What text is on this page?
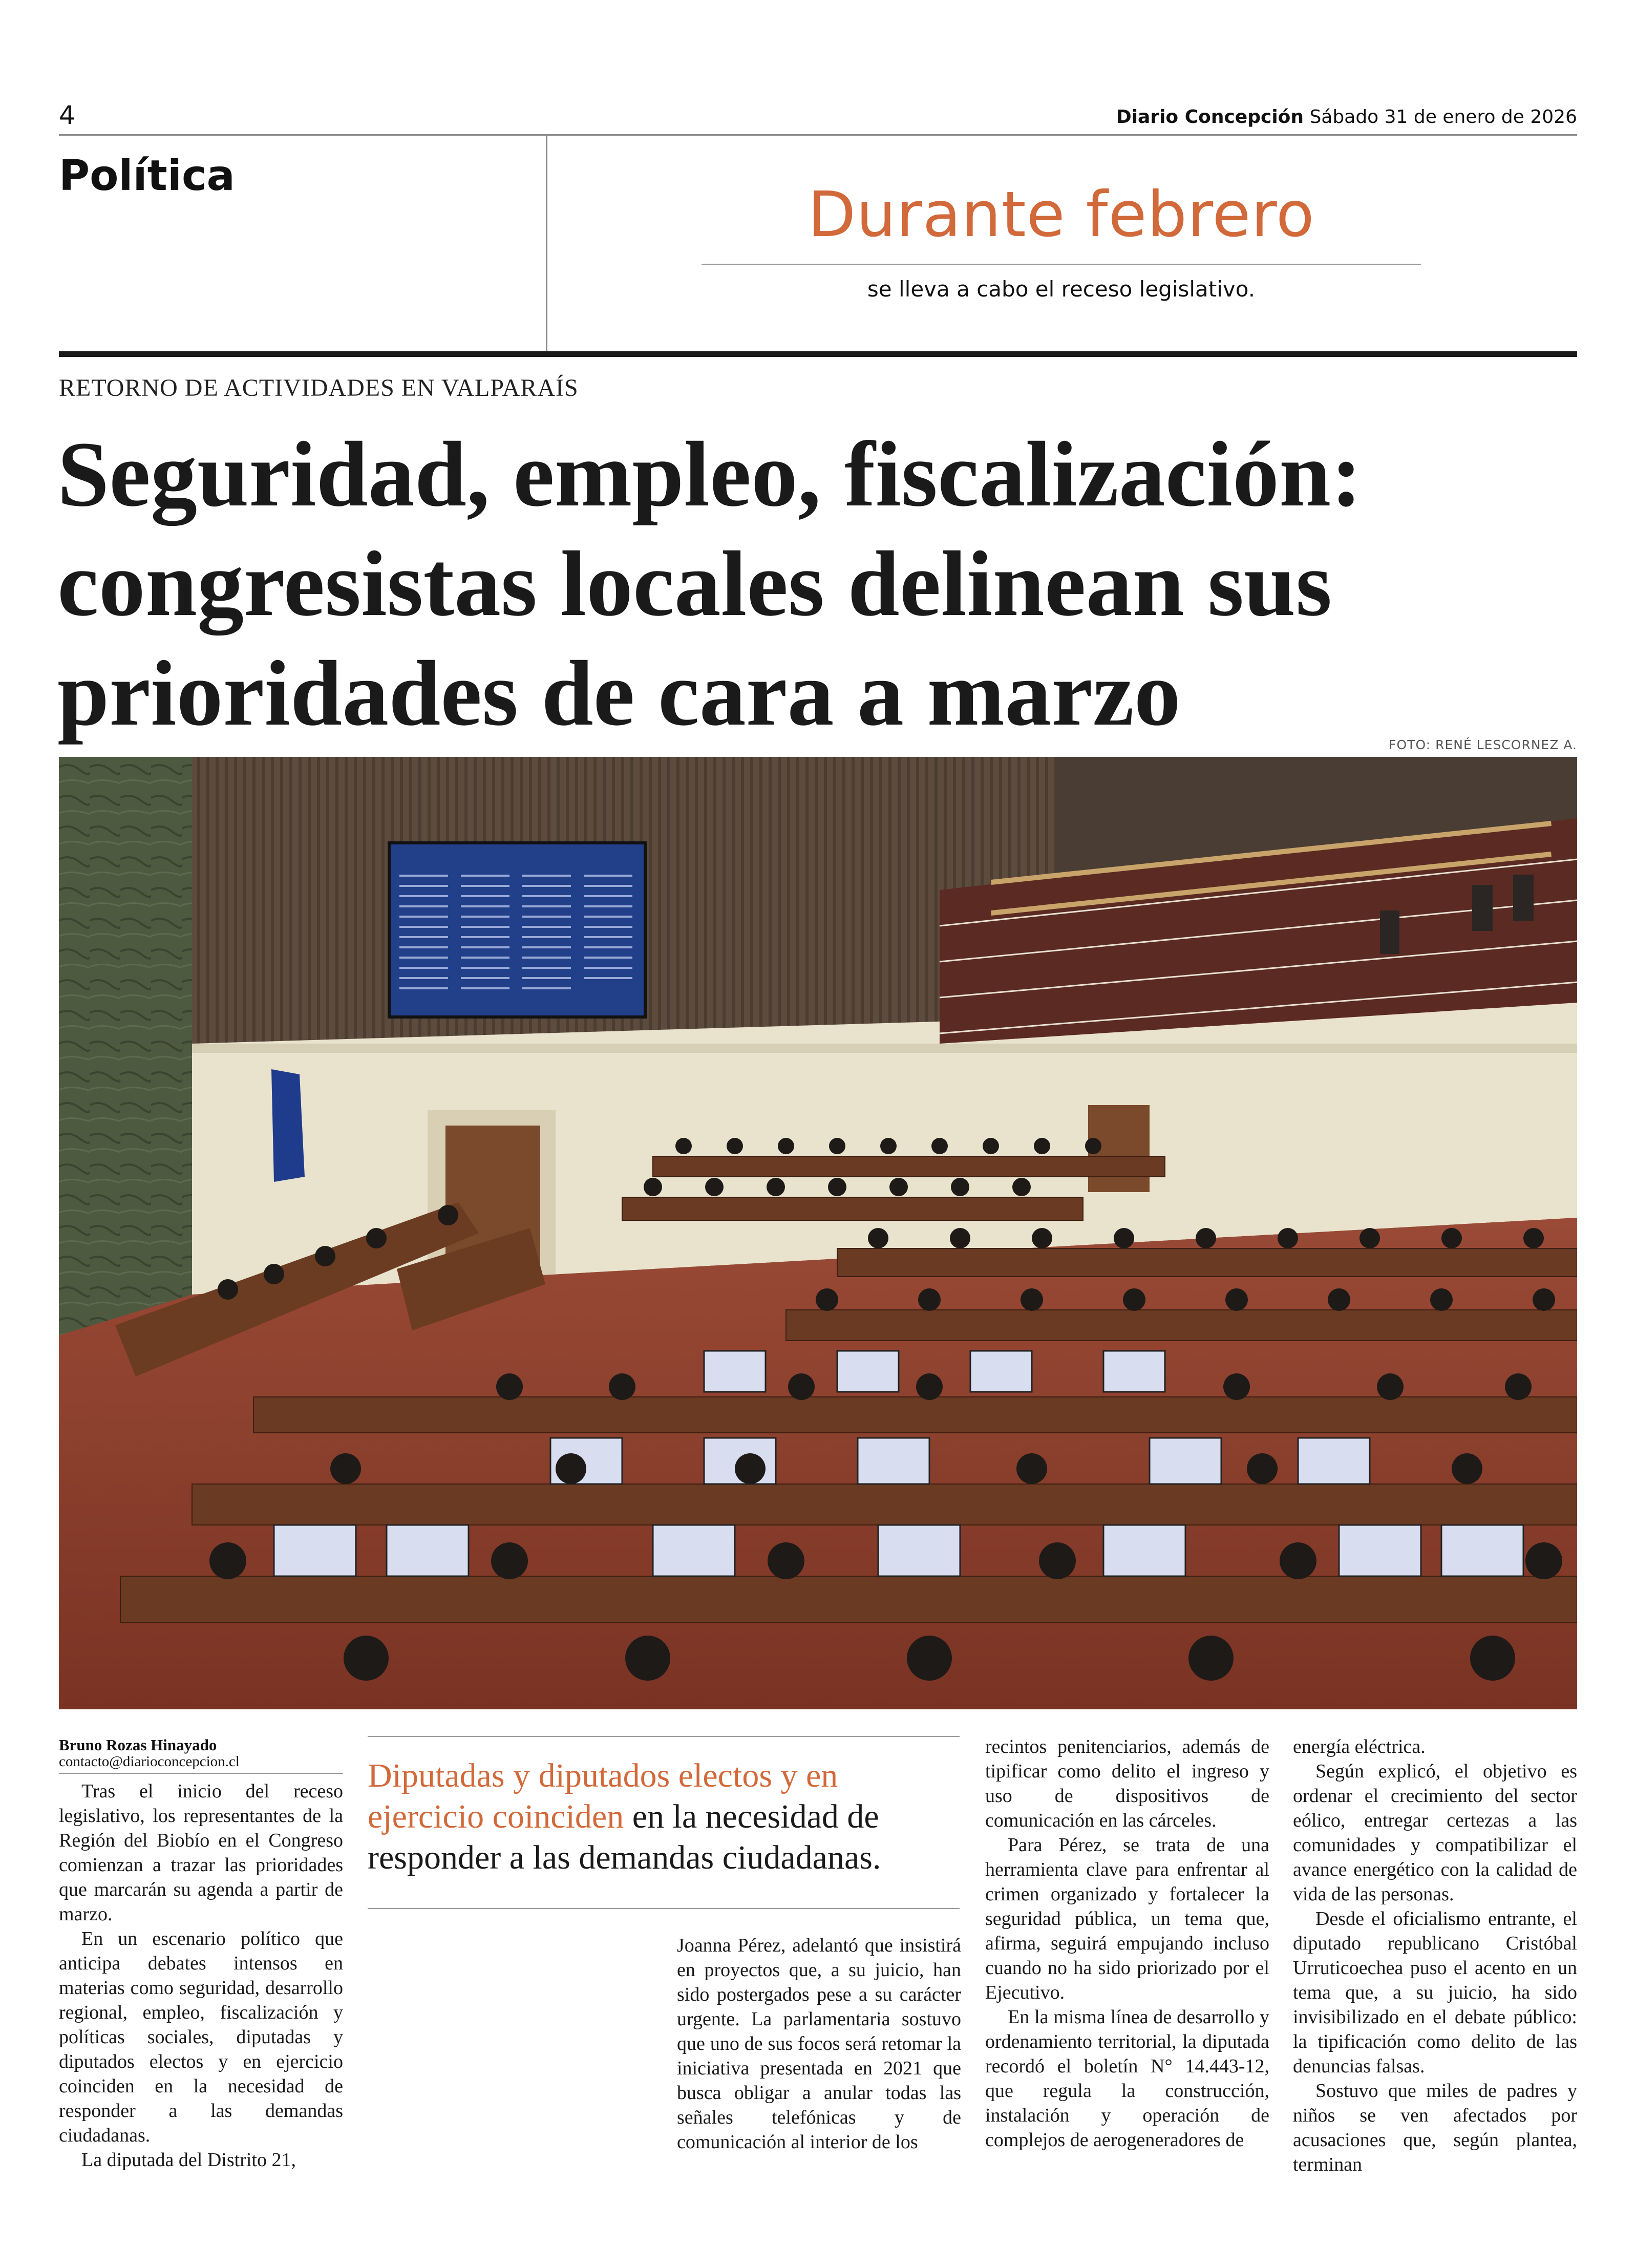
4	Diario Concepción Sábado 31 de enero de 2026
Política
Durante febrero
se lleva a cabo el receso legislativo.
RETORNO DE ACTIVIDADES EN VALPARAÍS
Seguridad, empleo, fiscalización:
congresistas locales delinean sus
prioridades de cara a marzo	FOTO: RENÉ LESCORNEZ A.
Bruno Rozas Hinayado
contacto@diarioconcepcion.cl

Tras el inicio del receso legislativo, los representantes de la Región del Biobío en el Congreso comienzan a trazar las prioridades que marcarán su agenda a partir de marzo.

En un escenario político que anticipa debates intensos en materias como seguridad, desarrollo regional, empleo, fiscalización y políticas sociales, diputadas y diputados electos y en ejercicio coinciden en la necesidad de responder a las demandas ciudadanas.

La diputada del Distrito 21,

Diputadas y diputados electos y en ejercicio coinciden en la necesidad de responder a las demandas ciudadanas.

Joanna Pérez, adelantó que insistirá en proyectos que, a su juicio, han sido postergados pese a su carácter urgente. La parlamentaria sostuvo que uno de sus focos será retomar la iniciativa presentada en 2021 que busca obligar a anular todas las señales telefónicas y de comunicación al interior de los

recintos penitenciarios, además de tipificar como delito el ingreso y uso de dispositivos de comunicación en las cárceles.

Para Pérez, se trata de una herramienta clave para enfrentar al crimen organizado y fortalecer la seguridad pública, un tema que, afirma, seguirá empujando incluso cuando no ha sido priorizado por el Ejecutivo.

En la misma línea de desarrollo y ordenamiento territorial, la diputada recordó el boletín N° 14.443-12, que regula la construcción, instalación y operación de complejos de aerogeneradores de

energía eléctrica.

Según explicó, el objetivo es ordenar el crecimiento del sector eólico, entregar certezas a las comunidades y compatibilizar el avance energético con la calidad de vida de las personas.

Desde el oficialismo entrante, el diputado republicano Cristóbal Urruticoechea puso el acento en un tema que, a su juicio, ha sido invisibilizado en el debate público: la tipificación como delito de las denuncias falsas.

Sostuvo que miles de padres y niños se ven afectados por acusaciones que, según plantea, terminan
